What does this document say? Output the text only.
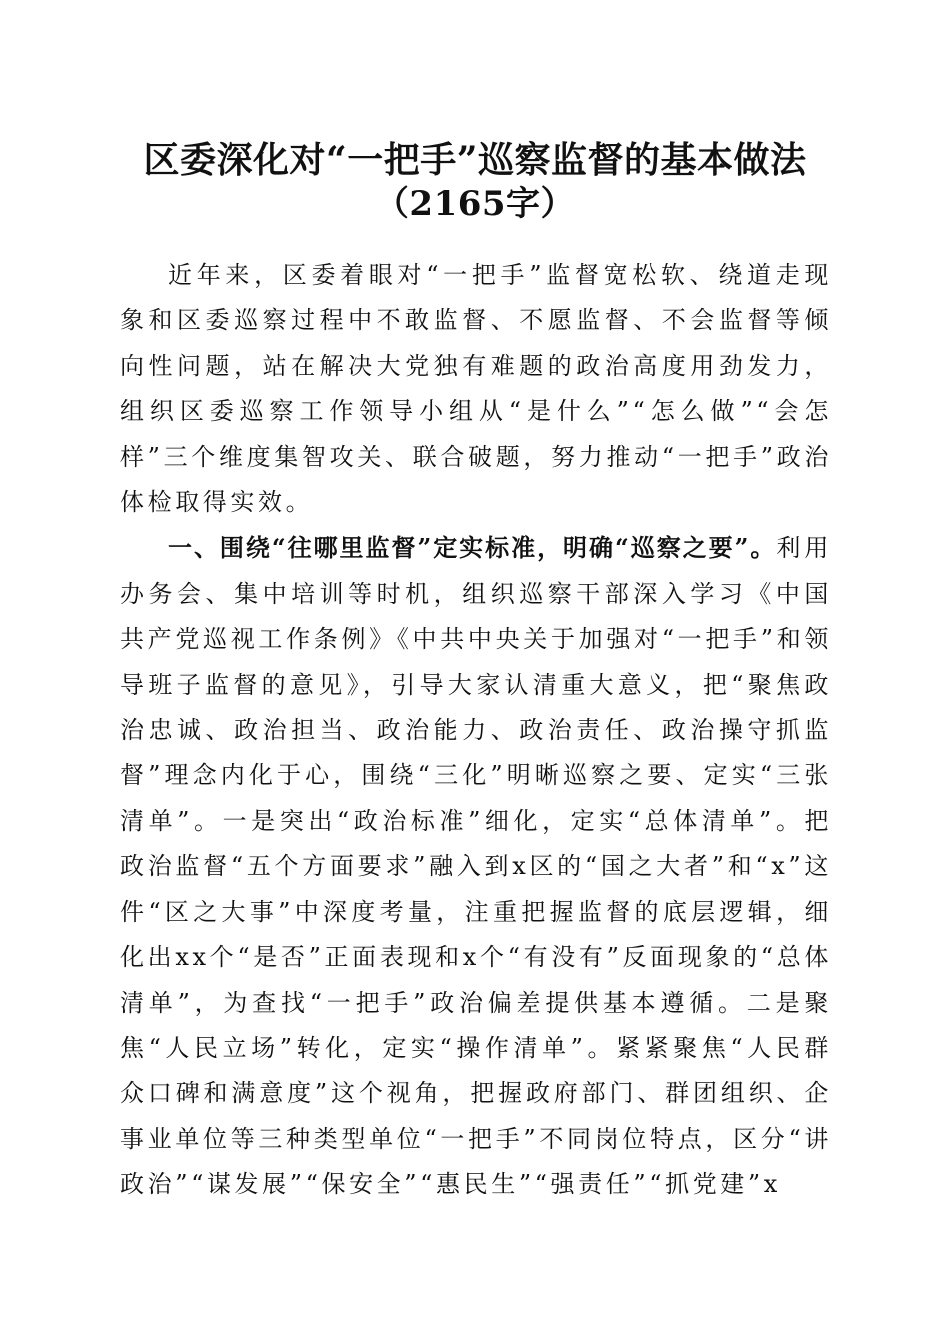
区委深化对“一把手”巡察监督的基本做法
（2165字）

近年来，区委着眼对“一把手”监督宽松软、绕道走现象和区委巡察过程中不敢监督、不愿监督、不会监督等倾向性问题，站在解决大党独有难题的政治高度用劲发力，组织区委巡察工作领导小组从“是什么”“怎么做”“会怎样”三个维度集智攻关、联合破题，努力推动“一把手”政治体检取得实效。

一、围绕“往哪里监督”定实标准，明确“巡察之要”。利用办务会、集中培训等时机，组织巡察干部深入学习《中国共产党巡视工作条例》《中共中央关于加强对“一把手”和领导班子监督的意见》，引导大家认清重大意义，把“聚焦政治忠诚、政治担当、政治能力、政治责任、政治操守抓监督”理念内化于心，围绕“三化”明晰巡察之要、定实“三张清单”。一是突出“政治标准”细化，定实“总体清单”。把政治监督“五个方面要求”融入到x区的“国之大者”和“x”这件“区之大事”中深度考量，注重把握监督的底层逻辑，细化出xx个“是否”正面表现和x个“有没有”反面现象的“总体清单”，为查找“一把手”政治偏差提供基本遵循。二是聚焦“人民立场”转化，定实“操作清单”。紧紧聚焦“人民群众口碑和满意度”这个视角，把握政府部门、群团组织、企事业单位等三种类型单位“一把手”不同岗位特点，区分“讲政治”“谋发展”“保安全”“惠民生”“强责任”“抓党建”x
